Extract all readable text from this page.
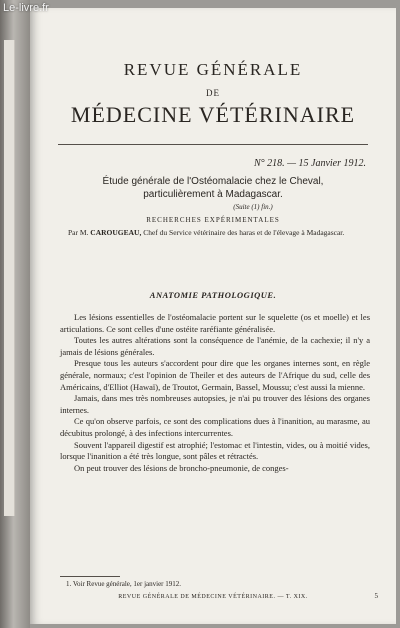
Le-livre.fr
REVUE GÉNÉRALE
DE
MÉDECINE VÉTÉRINAIRE
N° 218. — 15 Janvier 1912.
Étude générale de l'Ostéomalacie chez le Cheval,
particulièrement à Madagascar.
(Suite (1) fin.)
RECHERCHES EXPÉRIMENTALES
Par M. CAROUGEAU, Chef du Service vétérinaire des haras et de l'élevage à Madagascar.
ANATOMIE PATHOLOGIQUE.

Les lésions essentielles de l'ostéomalacie portent sur le squelette (os et moelle) et les articulations. Ce sont celles d'une ostéite raréfiante généralisée.

Toutes les autres altérations sont la conséquence de l'anémie, de la cachexie; il n'y a jamais de lésions générales.

Presque tous les auteurs s'accordent pour dire que les organes internes sont, en règle générale, normaux; c'est l'opinion de Theiler et des auteurs de l'Afrique du sud, celle des Américains, d'Elliot (Hawaï), de Troutot, Germain, Bassel, Moussu; c'est aussi la mienne.

Jamais, dans mes très nombreuses autopsies, je n'ai pu trouver des lésions des organes internes.

Ce qu'on observe parfois, ce sont des complications dues à l'inanition, au marasme, au décubitus prolongé, à des infections intercurrentes.

Souvent l'appareil digestif est atrophié; l'estomac et l'intestin, vides, ou à moitié vides, lorsque l'inanition a été très longue, sont pâles et rétractés.

On peut trouver des lésions de broncho-pneumonie, de conges-

1. Voir Revue générale, 1er janvier 1912.
REVUE GÉNÉRALE DE MÉDECINE VÉTÉRINAIRE. — T. XIX.	5
